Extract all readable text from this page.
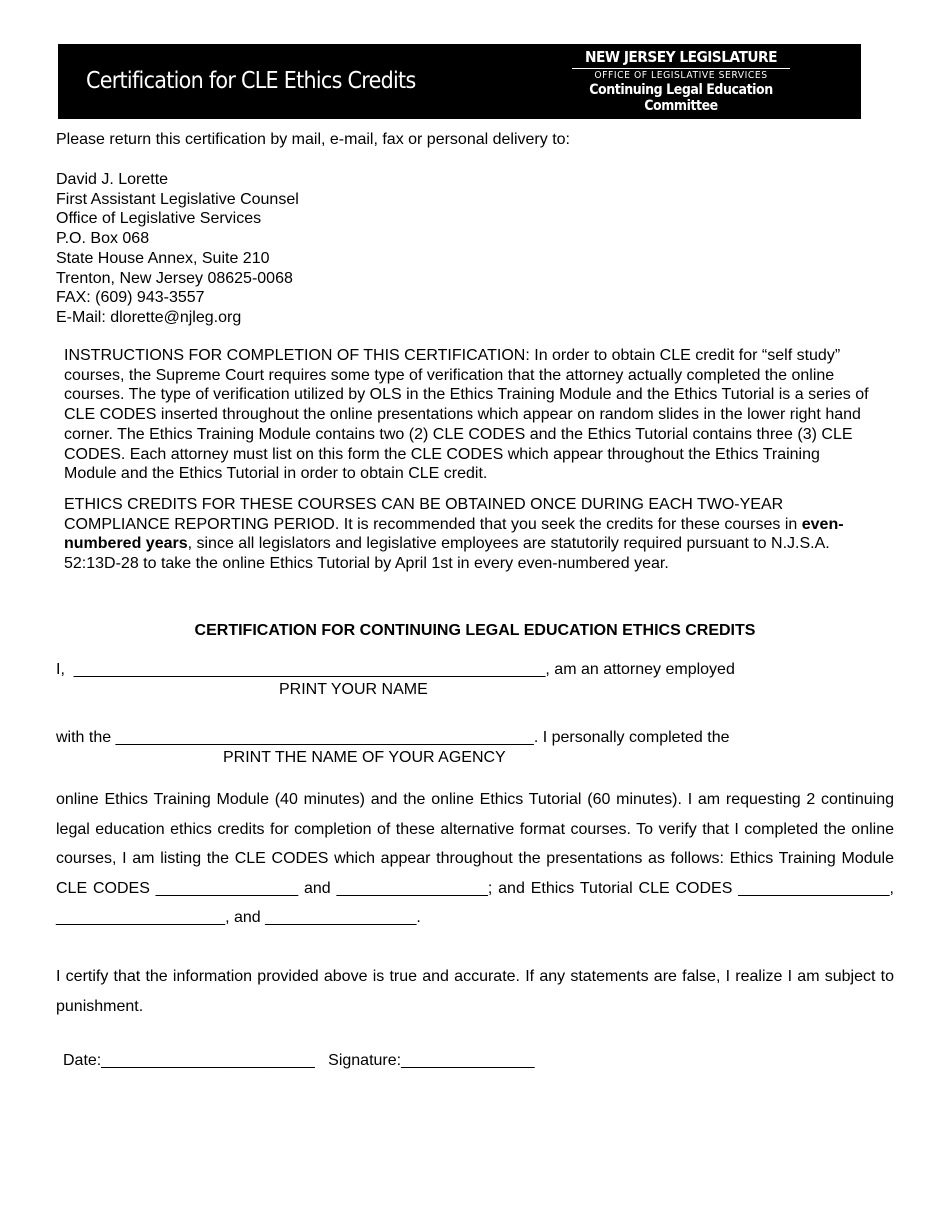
Certification for CLE Ethics Credits
NEW JERSEY LEGISLATURE
OFFICE OF LEGISLATIVE SERVICES
Continuing Legal Education Committee
Please return this certification by mail, e-mail, fax or personal delivery to:
David J. Lorette
First Assistant Legislative Counsel
Office of Legislative Services
P.O. Box 068
State House Annex, Suite 210
Trenton, New Jersey 08625-0068
FAX: (609) 943-3557
E-Mail: dlorette@njleg.org

INSTRUCTIONS FOR COMPLETION OF THIS CERTIFICATION: In order to obtain CLE credit for “self study” courses, the Supreme Court requires some type of verification that the attorney actually completed the online courses. The type of verification utilized by OLS in the Ethics Training Module and the Ethics Tutorial is a series of CLE CODES inserted throughout the online presentations which appear on random slides in the lower right hand corner. The Ethics Training Module contains two (2) CLE CODES and the Ethics Tutorial contains three (3) CLE CODES. Each attorney must list on this form the CLE CODES which appear throughout the Ethics Training Module and the Ethics Tutorial in order to obtain CLE credit.

ETHICS CREDITS FOR THESE COURSES CAN BE OBTAINED ONCE DURING EACH TWO-YEAR COMPLIANCE REPORTING PERIOD. It is recommended that you seek the credits for these courses in even-numbered years, since all legislators and legislative employees are statutorily required pursuant to N.J.S.A. 52:13D-28 to take the online Ethics Tutorial by April 1st in every even-numbered year.

CERTIFICATION FOR CONTINUING LEGAL EDUCATION ETHICS CREDITS
I, _____________________________________________________, am an attorney employed
PRINT YOUR NAME
with the _______________________________________________. I personally completed the
PRINT THE NAME OF YOUR AGENCY
online Ethics Training Module (40 minutes) and the online Ethics Tutorial (60 minutes). I am requesting 2 continuing legal education ethics credits for completion of these alternative format courses. To verify that I completed the online courses, I am listing the CLE CODES which appear throughout the presentations as follows: Ethics Training Module CLE CODES ________________ and _________________; and Ethics Tutorial CLE CODES _________________, ___________________, and _________________.
I certify that the information provided above is true and accurate. If any statements are false, I realize I am subject to punishment.
Date:________________________ Signature:_______________
